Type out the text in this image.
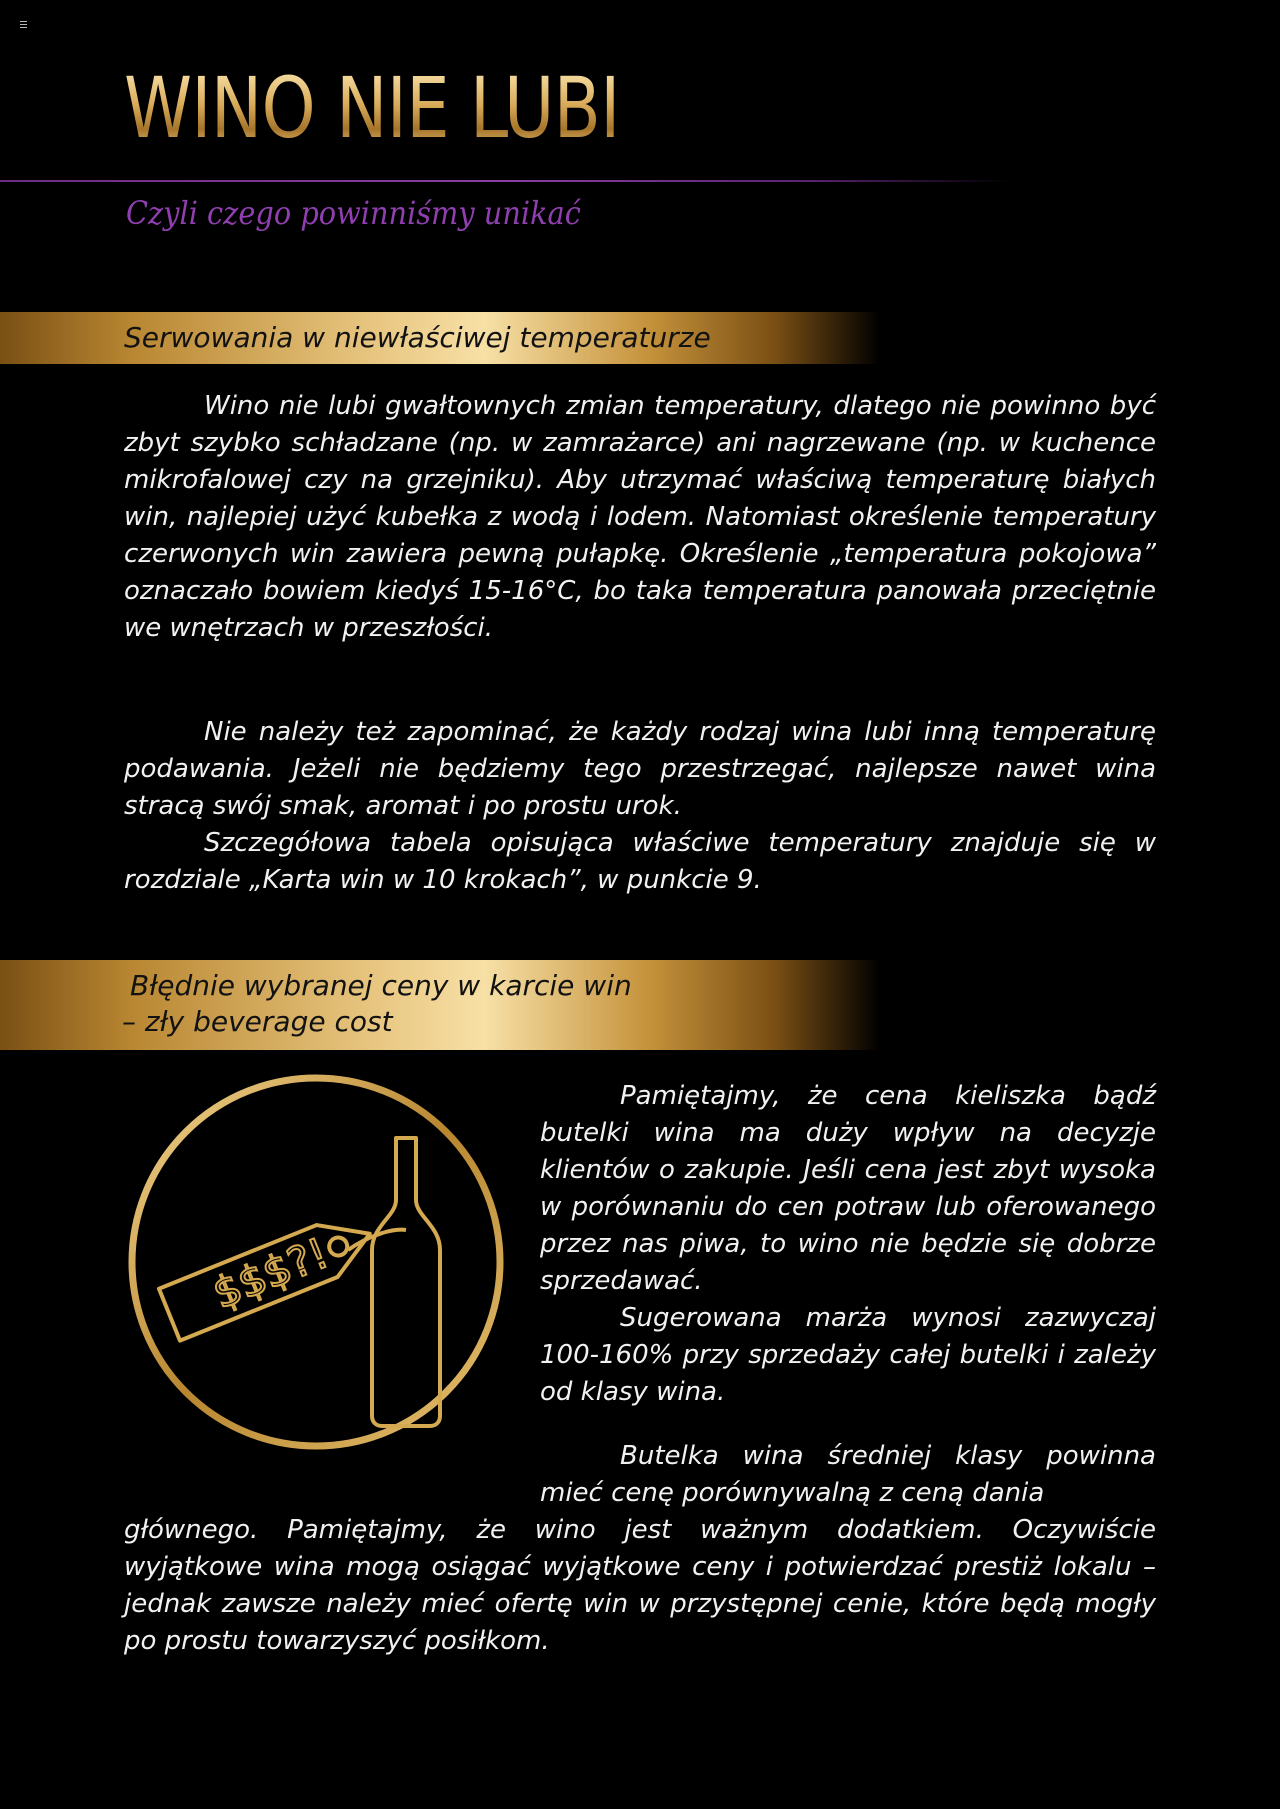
WINO NIE LUBI
Czyli czego powinniśmy unikać
Serwowania w niewłaściwej temperaturze

Wino nie lubi gwałtownych zmian temperatury, dlatego nie powinno być zbyt szybko schładzane (np. w zamrażarce) ani nagrzewane (np. w kuchence mikrofalowej czy na grzejniku). Aby utrzymać właściwą temperaturę białych win, najlepiej użyć kubełka z wodą i lodem. Natomiast określenie temperatury czerwonych win zawiera pewną pułapkę. Określenie „temperatura pokojowa” oznaczało bowiem kiedyś 15-16°C, bo taka temperatura panowała przeciętnie we wnętrzach w przeszłości.

Nie należy też zapominać, że każdy rodzaj wina lubi inną temperaturę podawania. Jeżeli nie będziemy tego przestrzegać, najlepsze nawet wina stracą swój smak, aromat i po prostu urok.

Szczegółowa tabela opisująca właściwe temperatury znajduje się w rozdziale „Karta win w 10 krokach”, w punkcie 9.

Błędnie wybranej ceny w karcie win
– zły beverage cost
$$$?!

Pamiętajmy, że cena kieliszka bądź butelki wina ma duży wpływ na decyzje klientów o zakupie. Jeśli cena jest zbyt wysoka w porównaniu do cen potraw lub oferowanego przez nas piwa, to wino nie będzie się dobrze sprzedawać.

Sugerowana marża wynosi zazwyczaj 100-160% przy sprzedaży całej butelki i zależy od klasy wina.

Butelka wina średniej klasy powinna mieć cenę porównywalną z ceną dania

głównego. Pamiętajmy, że wino jest ważnym dodatkiem. Oczywiście wyjątkowe wina mogą osiągać wyjątkowe ceny i potwierdzać prestiż lokalu – jednak zawsze należy mieć ofertę win w przystępnej cenie, które będą mogły po prostu towarzyszyć posiłkom.
